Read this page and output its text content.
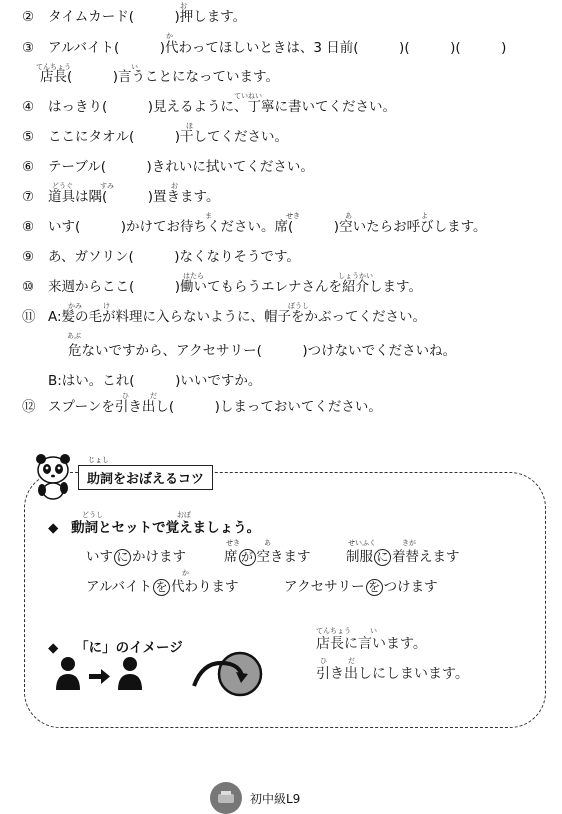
② タイムカード(　　　)押します。
お
③ アルバイト(　　　)代わってほしいときは、3 日前(　　　)(　　　)(　　　)
か
てんちょう	い
店長(　　　)言うことになっています。
ていねい
④ はっきり(　　　)見えるように、丁寧に書いてください。
ほ
⑤ ここにタオル(　　　)干してください。
⑥ テーブル(　　　)きれいに拭いてください。
どうぐ	すみ	お
⑦ 道具は隅(　　　)置きます。
ま	せき	あ	よ
⑧ いす(　　　)かけてお待ちください。席(　　　)空いたらお呼びします。
⑨ あ、ガソリン(　　　)なくなりそうです。
はたら	しょうかい
⑩ 来週からここ(　　　)働いてもらうエレナさんを紹介します。
かみ	け	ぼうし
⑪ A:髪の毛が料理に入らないように、帽子をかぶってください。
あぶ
危ないですから、アクセサリー(　　　)つけないでくださいね。
B:はい。これ(　　　)いいですか。
ひ	だ
⑫ スプーンを引き出し(　　　)しまっておいてください。
じょし
助詞をおぼえるコツ
どうし	おぼ
◆ 動詞とセットで覚えましょう。
いす に かけます
せき	あ
席 が 空きます
せいふく	きが
制服 に 着替えます
か
アルバイト を 代わります	アクセサリー を つけます
◆ 「に」のイメージ
てんちょう	い
店長に言います。
ひ	だ
引き出しにしまいます。
初中級L9
